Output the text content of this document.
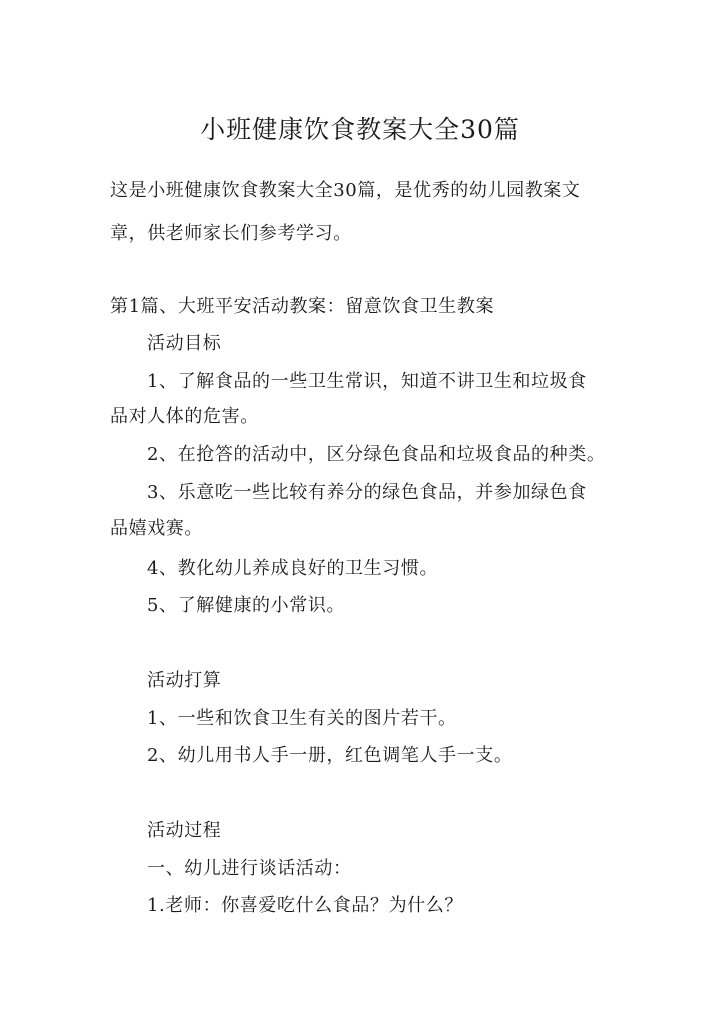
小班健康饮食教案大全30篇
这是小班健康饮食教案大全30篇，是优秀的幼儿园教案文
章，供老师家长们参考学习。
第1篇、大班平安活动教案：留意饮食卫生教案
活动目标
1、了解食品的一些卫生常识，知道不讲卫生和垃圾食
品对人体的危害。
2、在抢答的活动中，区分绿色食品和垃圾食品的种类。
3、乐意吃一些比较有养分的绿色食品，并参加绿色食
品嬉戏赛。
4、教化幼儿养成良好的卫生习惯。
5、了解健康的小常识。
活动打算
1、一些和饮食卫生有关的图片若干。
2、幼儿用书人手一册，红色调笔人手一支。
活动过程
一、幼儿进行谈话活动：
1.老师：你喜爱吃什么食品？为什么？
